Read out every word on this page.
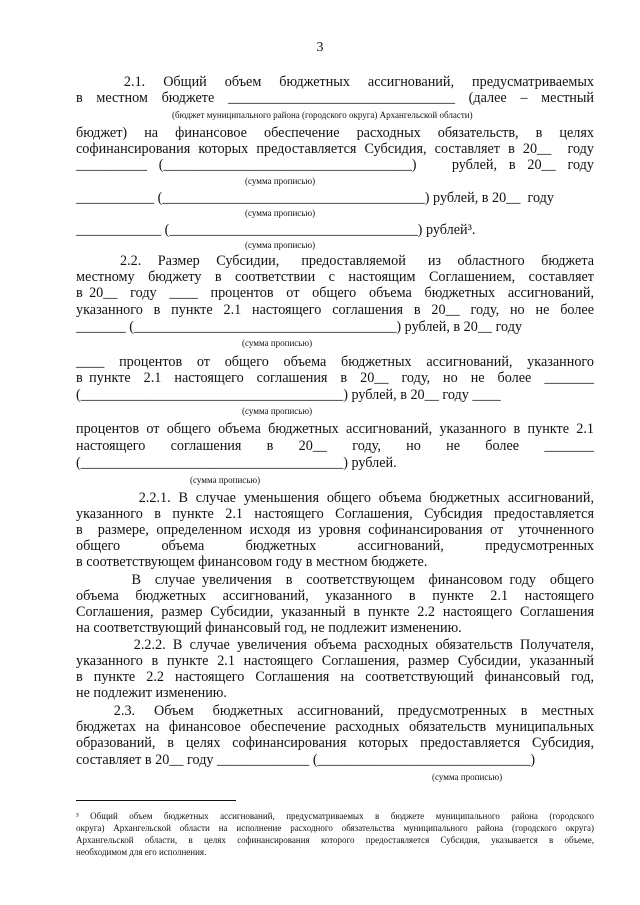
3
2.1.   Общий   объем   бюджетных   ассигнований,   предусматриваемых
в местном бюджете ________________________________ (далее – местный
(бюджет муниципального района (городского округа) Архангельской области)
бюджет)  на  финансовое  обеспечение  расходных  обязательств,  в  целях
софинансирования которых предоставляется Субсидия, составляет в 20__  году
__________ (___________________________________)   рублей, в 20__ году
(сумма прописью)
___________ (_____________________________________) рублей, в 20__  году
(сумма прописью)
____________ (___________________________________) рублей³.
(сумма прописью)
2.2.   Размер   Субсидии,    предоставляемой    из   областного   бюджета
местному бюджету в соответствии с настоящим Соглашением, составляет
в 20__  году  ____  процентов  от  общего  объема  бюджетных  ассигнований,
указанного  в  пункте  2.1  настоящего  соглашения  в  20__  году,  но  не  более
_______ (_____________________________________) рублей, в 20__ году
(сумма прописью)
____  процентов  от  общего  объема  бюджетных  ассигнований,  указанного
в пункте  2.1  настоящего  соглашения  в  20__  году,  но  не  более  _______
(_____________________________________) рублей, в 20__ году ____
(сумма прописью)
процентов от общего объема бюджетных ассигнований, указанного в пункте 2.1
настоящего     соглашения     в     20__     году,     но     не     более     _______
(_____________________________________) рублей.
(сумма прописью)
2.2.1. В случае уменьшения общего объема бюджетных ассигнований,
указанного в пункте 2.1 настоящего Соглашения, Субсидия предоставляется
в  размере, определенном исходя из уровня софинансирования от  уточненного
общего       объема       бюджетных       ассигнований,       предусмотренных
в соответствующем финансовом году в местном бюджете.
В  случае увеличения  в  соответствующем  финансовом году  общего
объема  бюджетных  ассигнований,  указанного  в  пункте  2.1  настоящего
Соглашения, размер Субсидии, указанный в пункте 2.2 настоящего Соглашения
на соответствующий финансовый год, не подлежит изменению.
2.2.2. В случае увеличения объема расходных обязательств Получателя,
указанного в пункте 2.1 настоящего Соглашения, размер Субсидии, указанный
в  пункте  2.2  настоящего  Соглашения  на  соответствующий  финансовый  год,
не подлежит изменению.
2.3.    Объем    бюджетных   ассигнований,   предусмотренных   в   местных
бюджетах на финансовое обеспечение расходных обязательств муниципальных
образований, в целях софинансирования которых предоставляется Субсидия,
составляет в 20__ году _____________ (______________________________)
(сумма прописью)
³  Общий  объем  бюджетных  ассигнований,  предусматриваемых  в  бюджете  муниципального  района  (городского
округа)  Архангельской  области  на  исполнение  расходного  обязательства  муниципального  района  (городского  округа)
Архангельской  области,  в  целях  софинансирования  которого  предоставляется  Субсидия,  указывается  в  объеме,
необходимом для его исполнения.
